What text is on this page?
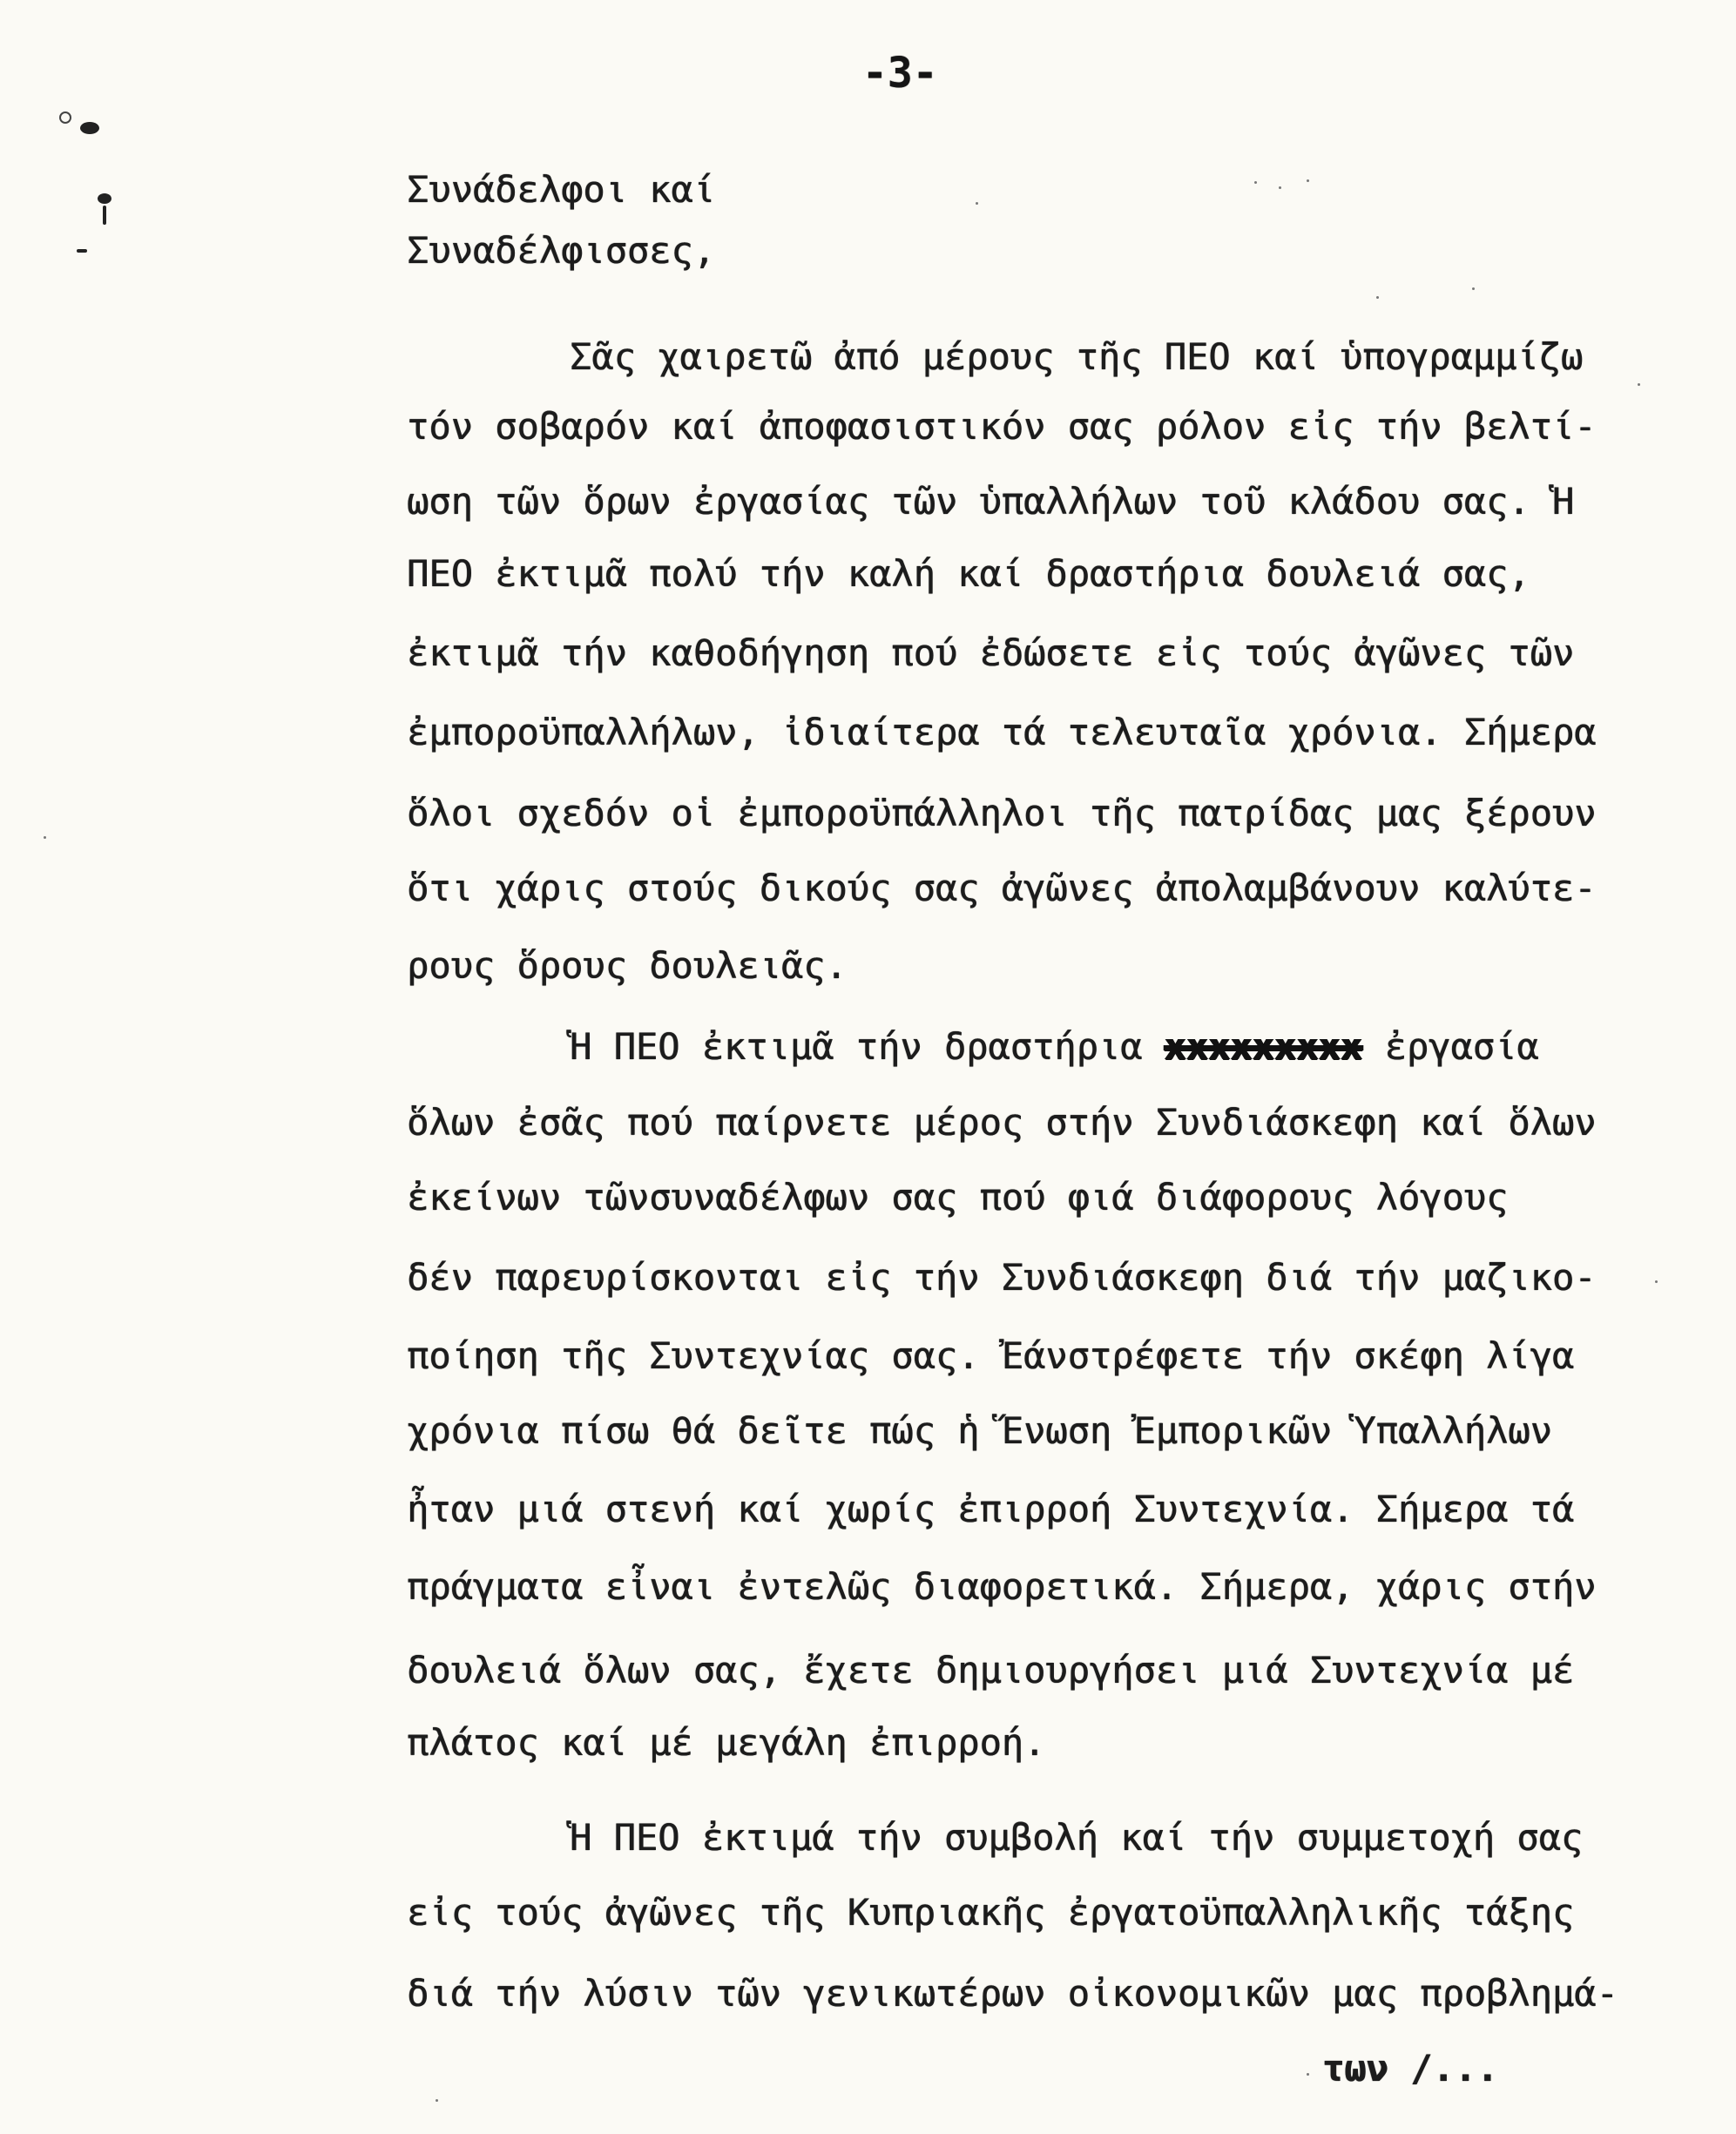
-3-
Συνάδελφοι καί
Συναδέλφισσες,
Σᾶς χαιρετῶ ἀπό μέρους τῆς ΠΕΟ καί ὑπογραμμίζω
τόν σοβαρόν καί ἀποφασιστικόν σας ρόλον εἰς τήν βελτί-
ωση τῶν ὅρων ἐργασίας τῶν ὑπαλλήλων τοῦ κλάδου σας. Ἡ
ΠΕΟ ἐκτιμᾶ πολύ τήν καλή καί δραστήρια δουλειά σας,
ἐκτιμᾶ τήν καθοδήγηση πού ἐδώσετε εἰς τούς ἀγῶνες τῶν
ἐμποροϋπαλλήλων, ἰδιαίτερα τά τελευταῖα χρόνια. Σήμερα
ὅλοι σχεδόν οἱ ἐμποροϋπάλληλοι τῆς πατρίδας μας ξέρουν
ὅτι χάρις στούς δικούς σας ἀγῶνες ἀπολαμβάνουν καλύτε-
ρους ὅρους δουλειᾶς.
Ἡ ΠΕΟ ἐκτιμᾶ τήν δραστήρια xxxxxxxxx ἐργασία
ὅλων ἐσᾶς πού παίρνετε μέρος στήν Συνδιάσκεφη καί ὅλων
ἐκείνων τῶνσυναδέλφων σας πού φιά διάφορους λόγους
δέν παρευρίσκονται εἰς τήν Συνδιάσκεφη διά τήν μαζικο-
ποίηση τῆς Συντεχνίας σας. Ἐάνστρέφετε τήν σκέφη λίγα
χρόνια πίσω θά δεῖτε πώς ἡ Ἕνωση Ἐμπορικῶν Ὑπαλλήλων
ἦταν μιά στενή καί χωρίς ἐπιρροή Συντεχνία. Σήμερα τά
πράγματα εἶναι ἐντελῶς διαφορετικά. Σήμερα, χάρις στήν
δουλειά ὅλων σας, ἔχετε δημιουργήσει μιά Συντεχνία μέ
πλάτος καί μέ μεγάλη ἐπιρροή.
Ἡ ΠΕΟ ἐκτιμά τήν συμβολή καί τήν συμμετοχή σας
εἰς τούς ἀγῶνες τῆς Κυπριακῆς ἐργατοϋπαλληλικῆς τάξης
διά τήν λύσιν τῶν γενικωτέρων οἰκονομικῶν μας προβλημά-
των /...
